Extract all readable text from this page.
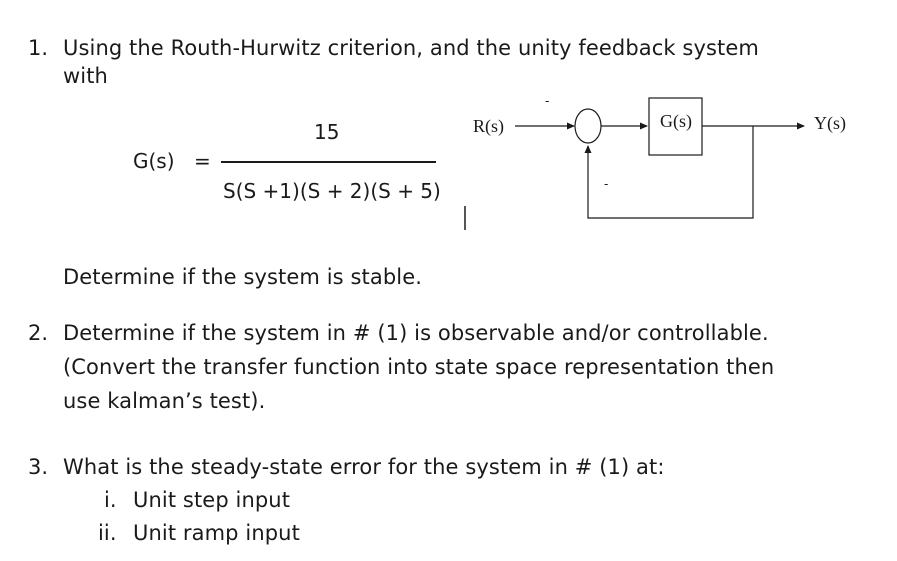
1. Using the Routh-Hurwitz criterion, and the unity feedback system
with
G(s) =
15
S(S +1)(S + 2)(S + 5)
R(s)	G(s)	Y(s)
-
-
Determine if the system is stable.
2. Determine if the system in # (1) is observable and/or controllable.
(Convert the transfer function into state space representation then
use kalman’s test).
3. What is the steady-state error for the system in # (1) at:
i. Unit step input
ii. Unit ramp input
